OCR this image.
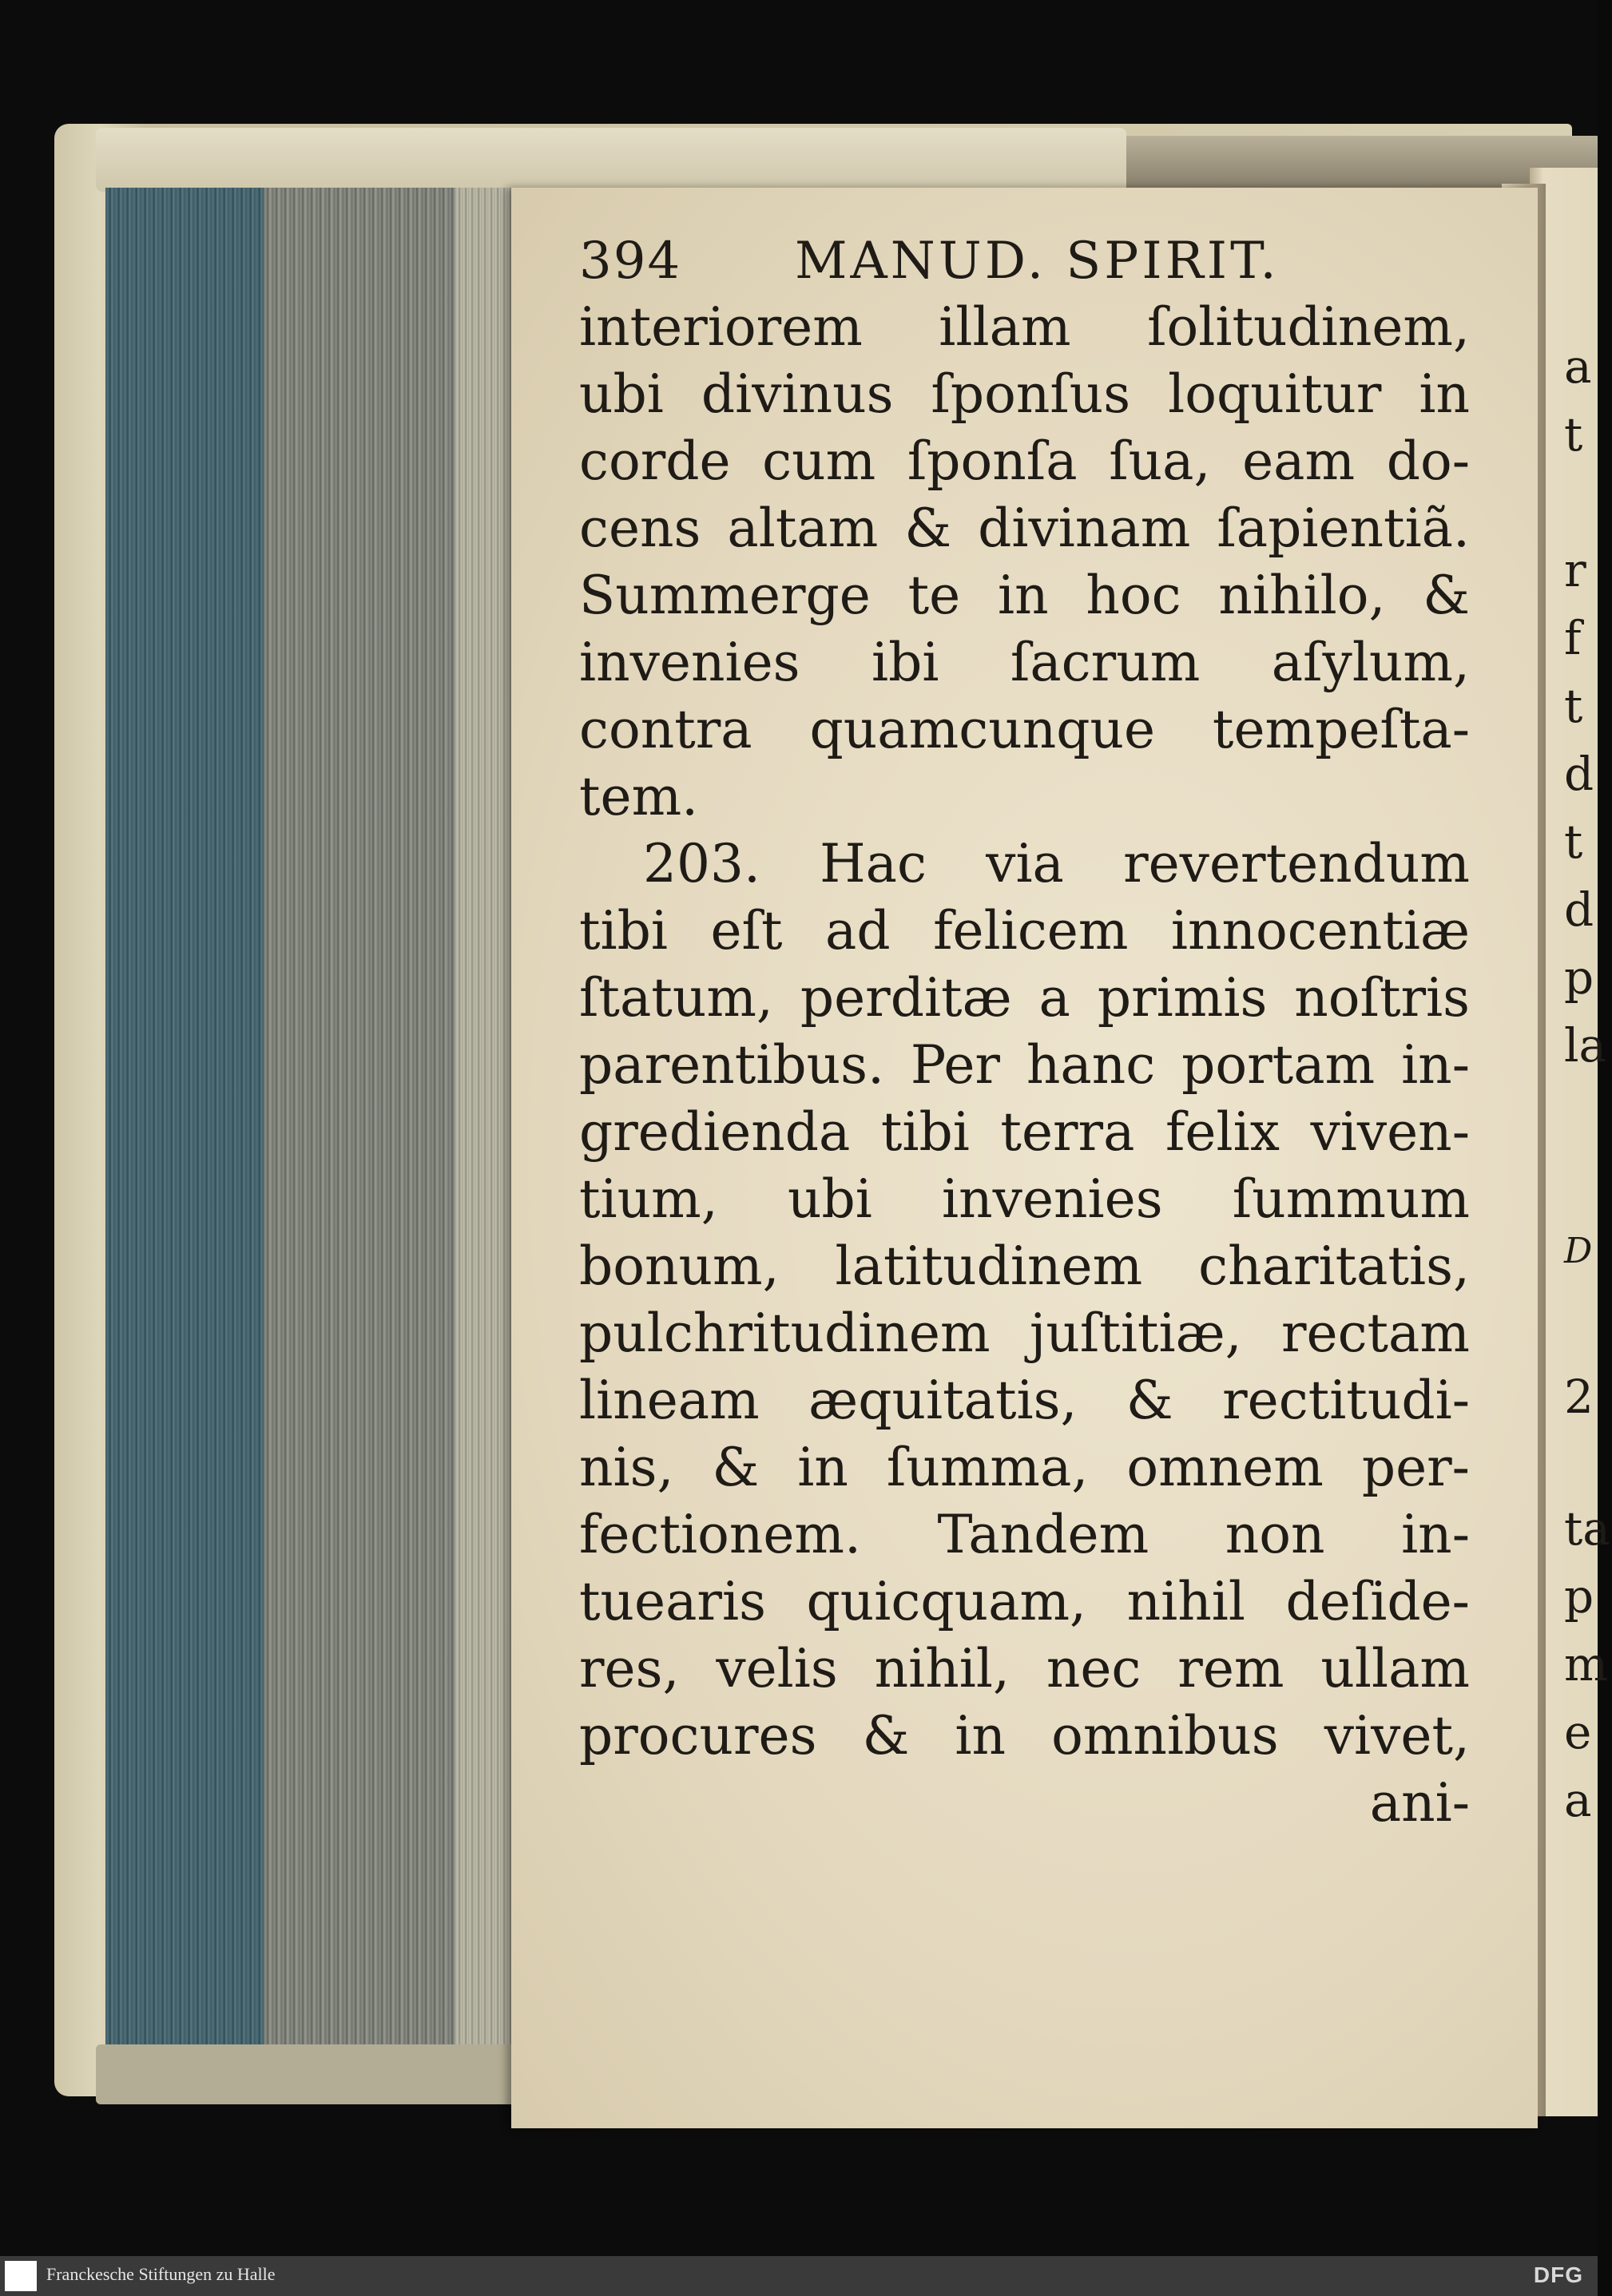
a
t
r
f
t
d
t
d
p
la
D
2
ta
p
m
e
a
394 MANUD. SPIRIT.
interiorem illam ſolitudinem,
ubi divinus ſponſus loquitur in
corde cum ſponſa ſua, eam do-
cens altam & divinam ſapientiã.
Summerge te in hoc nihilo, &
invenies ibi ſacrum aſylum,
contra quamcunque tempeſta-
tem.
203. Hac via revertendum
tibi eſt ad felicem innocentiæ
ſtatum, perditæ a primis noſtris
parentibus. Per hanc portam in-
gredienda tibi terra felix viven-
tium, ubi invenies ſummum
bonum, latitudinem charitatis,
pulchritudinem juſtitiæ, rectam
lineam æquitatis, & rectitudi-
nis, & in ſumma, omnem per-
fectionem. Tandem non in-
tuearis quicquam, nihil deſide-
res, velis nihil, nec rem ullam
procures & in omnibus vivet,
ani-
Franckesche Stiftungen zu Halle	DFG
